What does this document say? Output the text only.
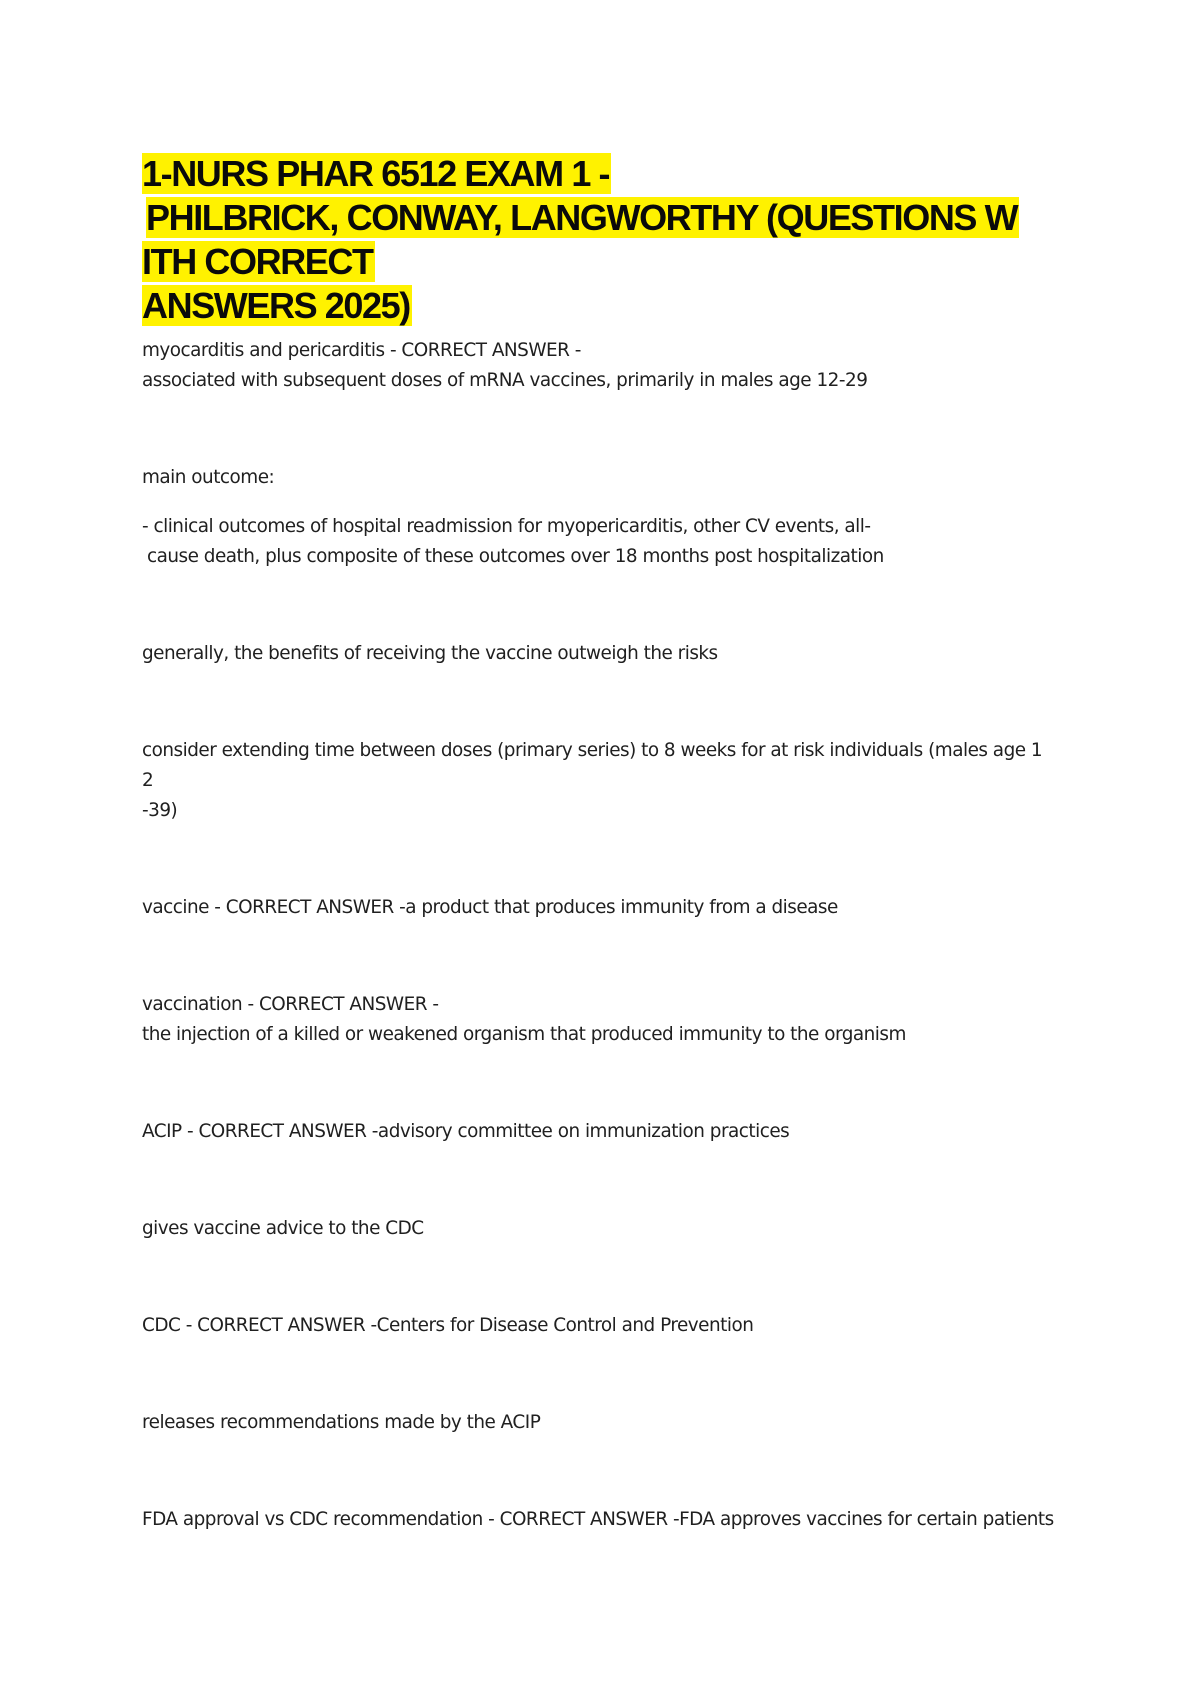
1-NURS PHAR 6512 EXAM 1 -
PHILBRICK, CONWAY, LANGWORTHY (QUESTIONS W
ITH CORRECT
ANSWERS 2025)
myocarditis and pericarditis - CORRECT ANSWER -
associated with subsequent doses of mRNA vaccines, primarily in males age 12-29
main outcome:
- clinical outcomes of hospital readmission for myopericarditis, other CV events, all-
cause death, plus composite of these outcomes over 18 months post hospitalization
generally, the benefits of receiving the vaccine outweigh the risks
consider extending time between doses (primary series) to 8 weeks for at risk individuals (males age 1
2
-39)
vaccine - CORRECT ANSWER -a product that produces immunity from a disease
vaccination - CORRECT ANSWER -
the injection of a killed or weakened organism that produced immunity to the organism
ACIP - CORRECT ANSWER -advisory committee on immunization practices
gives vaccine advice to the CDC
CDC - CORRECT ANSWER -Centers for Disease Control and Prevention
releases recommendations made by the ACIP
FDA approval vs CDC recommendation - CORRECT ANSWER -FDA approves vaccines for certain patients
